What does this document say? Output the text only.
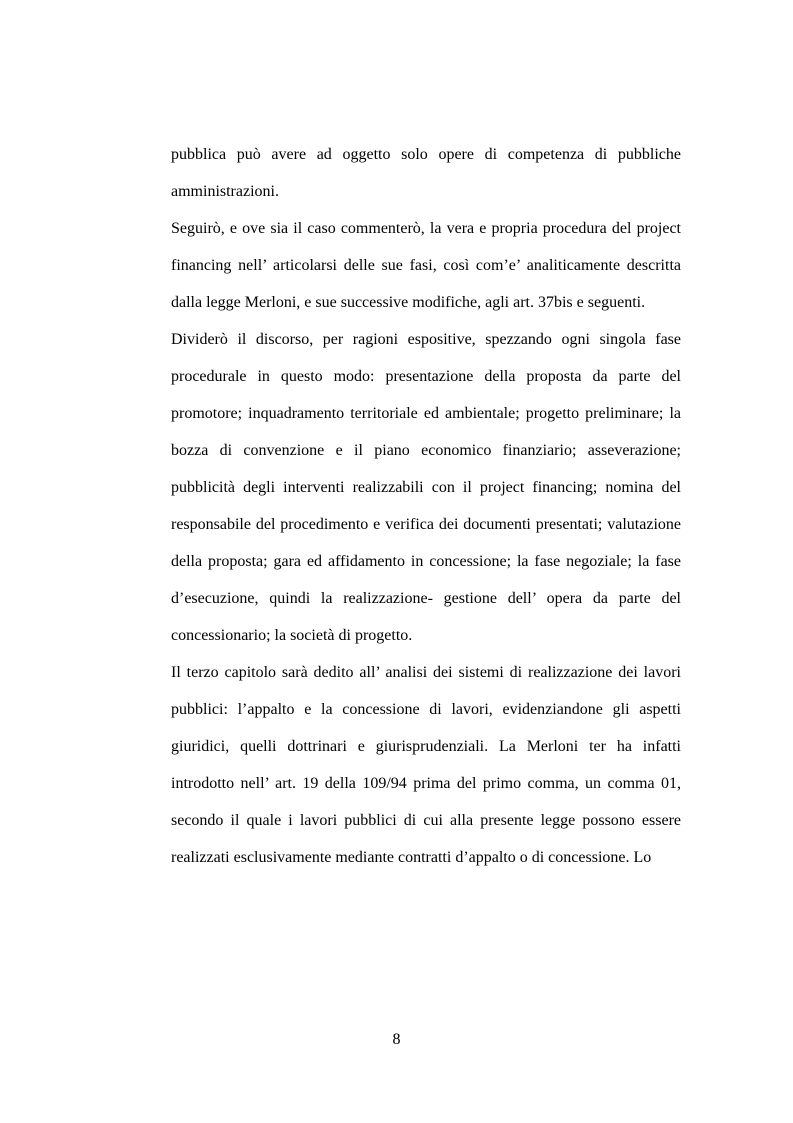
pubblica può avere ad oggetto solo opere di competenza di pubbliche amministrazioni.

Seguirò, e ove sia il caso commenterò, la vera e propria procedura del project financing nell’ articolarsi delle sue fasi, così com’e’ analiticamente descritta dalla legge Merloni, e sue successive modifiche, agli art. 37bis e seguenti.

Dividerò il discorso, per ragioni espositive, spezzando ogni singola fase procedurale in questo modo: presentazione della proposta da parte del promotore; inquadramento territoriale ed ambientale; progetto preliminare; la bozza di convenzione e il piano economico finanziario; asseverazione; pubblicità degli interventi realizzabili con il project financing; nomina del responsabile del procedimento e verifica dei documenti presentati; valutazione della proposta; gara ed affidamento in concessione; la fase negoziale; la fase d’esecuzione, quindi la realizzazione- gestione dell’ opera da parte del concessionario; la società di progetto.

Il terzo capitolo sarà dedito all’ analisi dei sistemi di realizzazione dei lavori pubblici: l’appalto e la concessione di lavori, evidenziandone gli aspetti giuridici, quelli dottrinari e giurisprudenziali. La Merloni ter ha infatti introdotto nell’ art. 19 della 109/94 prima del primo comma, un comma 01, secondo il quale i lavori pubblici di cui alla presente legge possono essere realizzati esclusivamente mediante contratti d’appalto o di concessione. Lo

8
